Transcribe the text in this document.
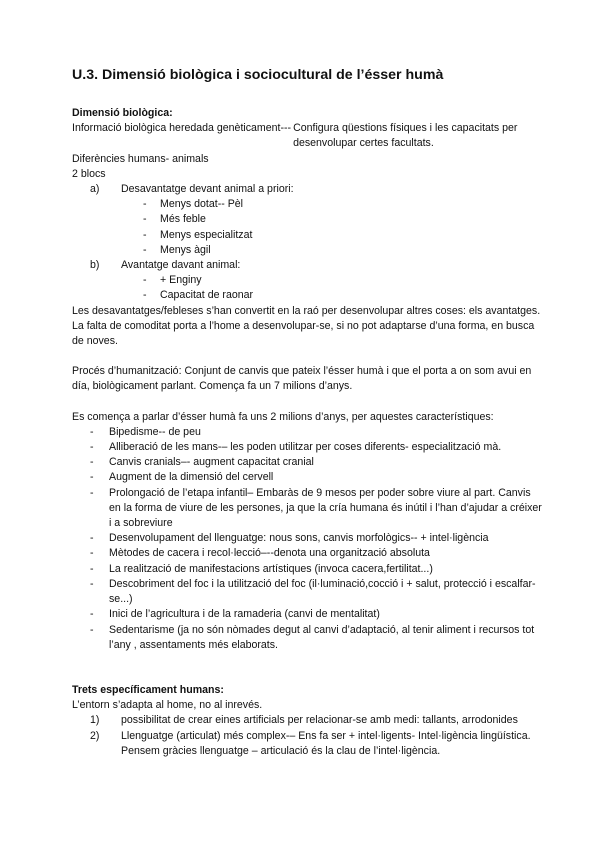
U.3. Dimensió biològica i sociocultural de l’ésser humà

Dimensió biològica:

Informació biològica heredada genèticament--- Configura qüestions físiques i les capacitats per desenvolupar certes facultats.

Diferències humans- animals

2 blocs

a)	Desavantatge devant animal a priori:
- Menys dotat-- Pèl
- Més feble
- Menys especialitzat
- Menys àgil
b)	Avantatge davant animal:
- + Enginy
- Capacitat de raonar

Les desavantatges/febleses s’han convertit en la raó per desenvolupar altres coses: els avantatges.

La falta de comoditat porta a l’home a desenvolupar-se, si no pot adaptarse d’una forma, en busca de noves.

Procés d’humanització: Conjunt de canvis que pateix l’ésser humà i que el porta a on som avui en día, biològicament parlant. Comença fa un 7 milions d’anys.

Es comença a parlar d’ésser humà fa uns 2 milions d’anys, per aquestes característiques:

- Bipedisme-- de peu
- Alliberació de les mans-– les poden utilitzar per coses diferents- especialització mà.
- Canvis cranials–- augment capacitat cranial
- Augment de la dimensió del cervell
- Prolongació de l’etapa infantil– Embaràs de 9 mesos per poder sobre viure al part. Canvis en la forma de viure de les persones, ja que la cría humana és inútil i l’han d’ajudar a créixer i a sobreviure
- Desenvolupament del llenguatge: nous sons, canvis morfològics-- + intel·ligència
- Mètodes de cacera i recol·lecció–--denota una organització absoluta
- La realització de manifestacions artístiques (invoca cacera,fertilitat...)
- Descobriment del foc i la utilització del foc (il·luminació,cocció i + salut, protecció i escalfar-se...)
- Inici de l’agricultura i de la ramaderia (canvi de mentalitat)
- Sedentarisme (ja no són nòmades degut al canvi d’adaptació, al tenir aliment i recursos tot l’any , assentaments més elaborats.

Trets específicament humans:

L’entorn s’adapta al home, no al inrevés.

1) possibilitat de crear eines artificials per relacionar-se amb medi: tallants, arrodonides
2) Llenguatge (articulat) més complex-– Ens fa ser + intel·ligents- Intel·ligència lingüística. Pensem gràcies llenguatge – articulació és la clau de l’intel·ligència.
